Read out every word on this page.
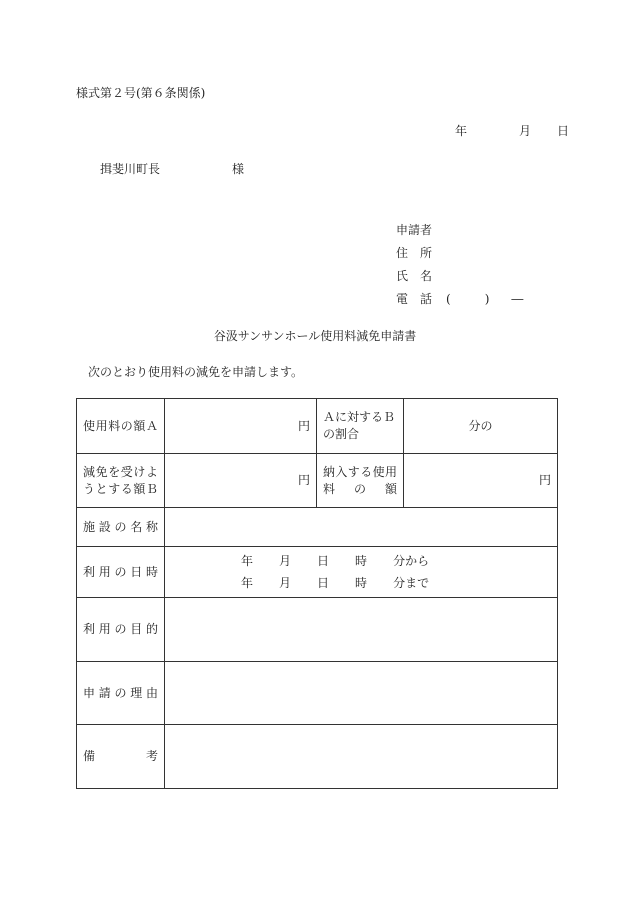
様式第２号(第６条関係)
年	月 日
揖斐川町長	様
申請者
住 所
氏 名
電 話 (	) ―
谷汲サンサンホール使用料減免申請書
次のとおり使用料の減免を申請します。
使用料の額Ａ	円	Ａに対するＢの割合	分の
減免を受けようとする額Ｂ	円	納入する使用料の額	円
施設の名称			
利用の日時	年 月 日 時 分から
年 月 日 時 分まで		

利用の目的			
申請の理由			
備考			
